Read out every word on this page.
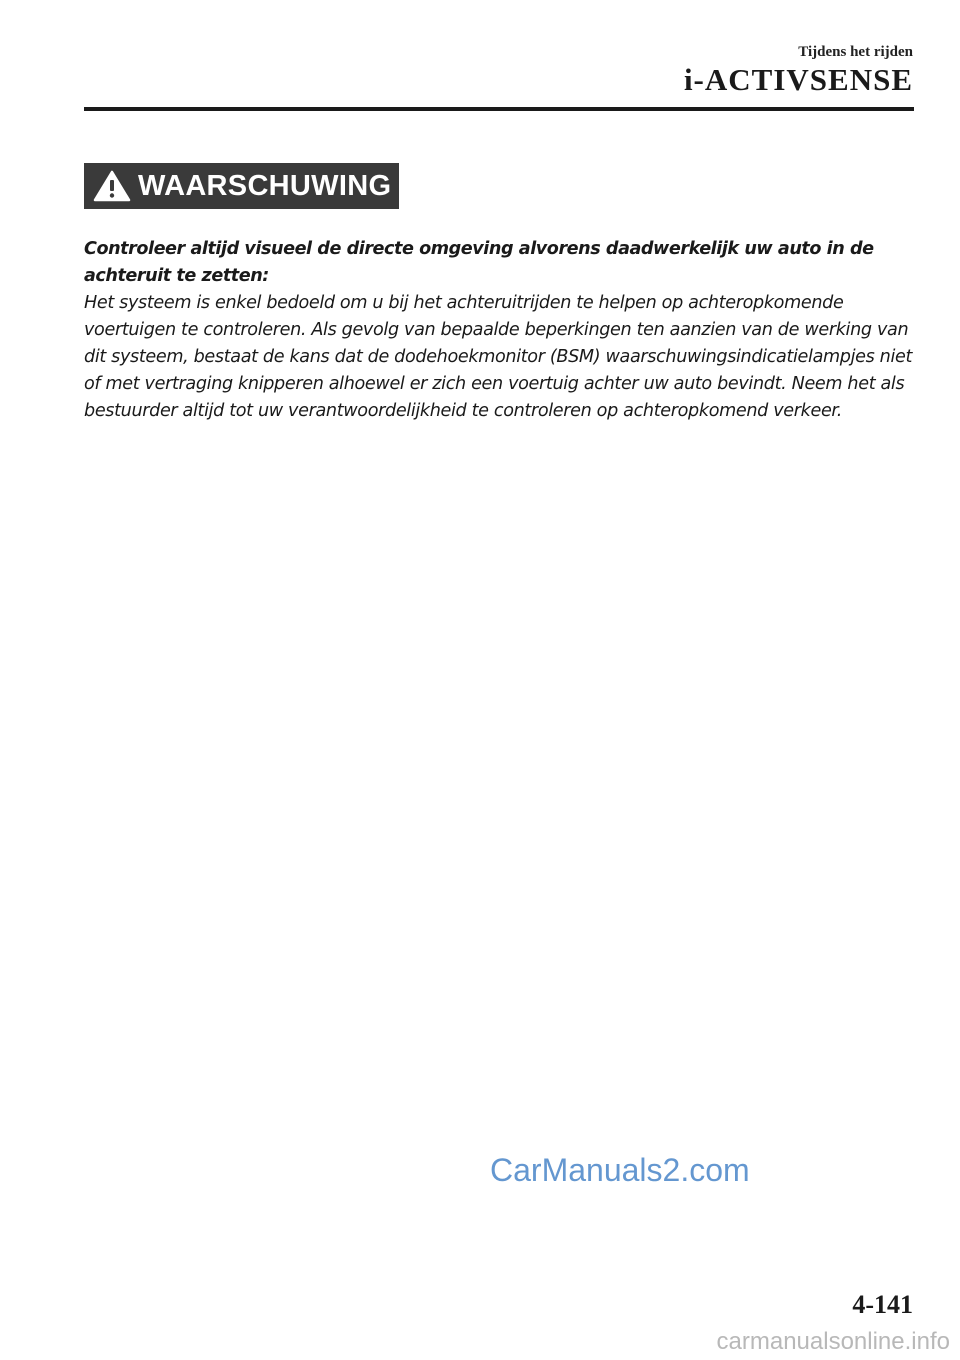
Tijdens het rijden
i-ACTIVSENSE
WAARSCHUWING

Controleer altijd visueel de directe omgeving alvorens daadwerkelijk uw auto in de achteruit te zetten:

Het systeem is enkel bedoeld om u bij het achteruitrijden te helpen op achteropkomende voertuigen te controleren. Als gevolg van bepaalde beperkingen ten aanzien van de werking van dit systeem, bestaat de kans dat de dodehoekmonitor (BSM) waarschuwingsindicatielampjes niet of met vertraging knipperen alhoewel er zich een voertuig achter uw auto bevindt. Neem het als bestuurder altijd tot uw verantwoordelijkheid te controleren op achteropkomend verkeer.

CarManuals2.com
4-141
carmanualsonline.info
